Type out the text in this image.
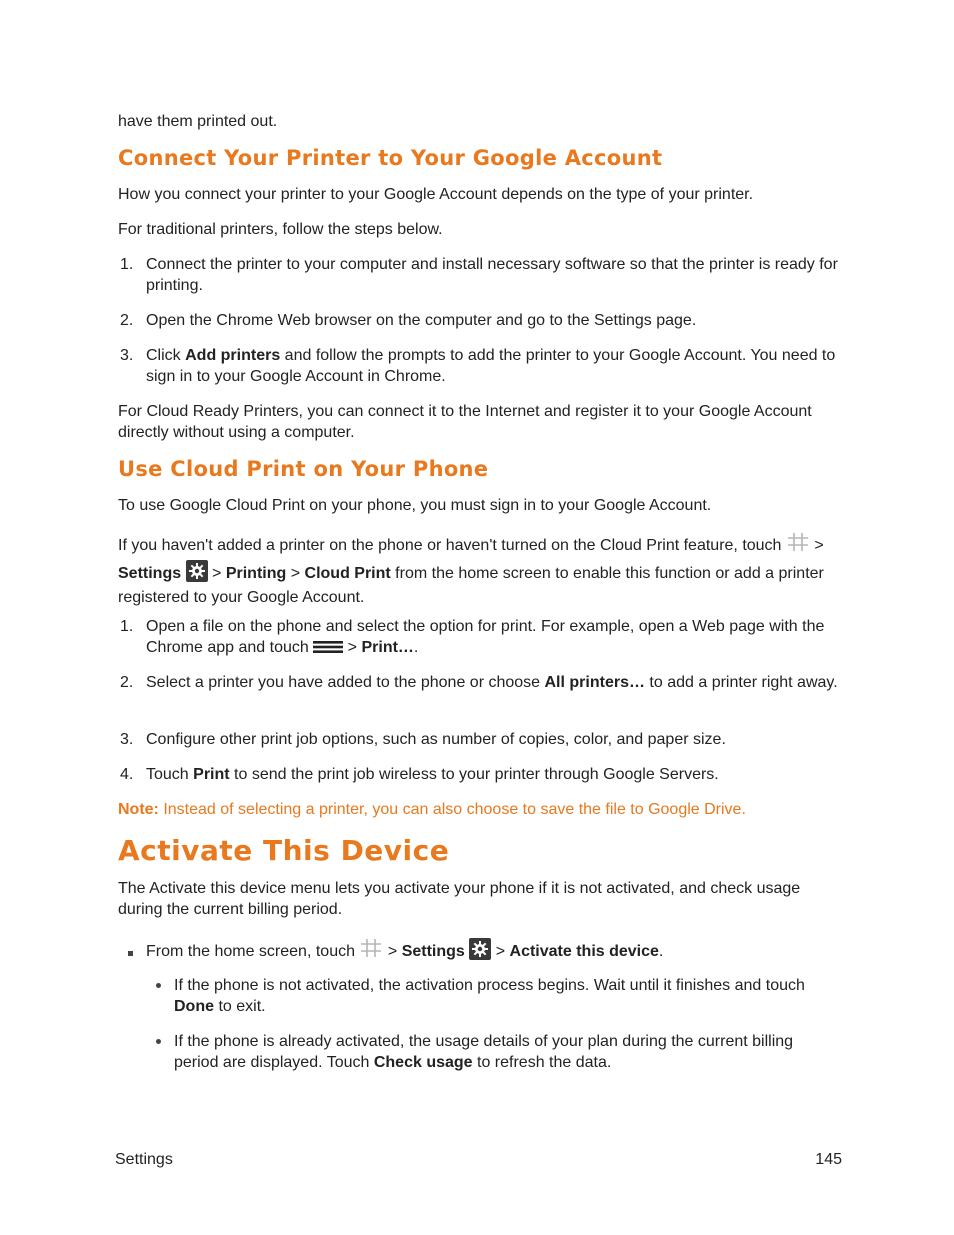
have them printed out.

Connect Your Printer to Your Google Account

How you connect your printer to your Google Account depends on the type of your printer.

For traditional printers, follow the steps below.

1. Connect the printer to your computer and install necessary software so that the printer is ready for printing.
2. Open the Chrome Web browser on the computer and go to the Settings page.
3. Click Add printers and follow the prompts to add the printer to your Google Account. You need to sign in to your Google Account in Chrome.

For Cloud Ready Printers, you can connect it to the Internet and register it to your Google Account directly without using a computer.

Use Cloud Print on Your Phone

To use Google Cloud Print on your phone, you must sign in to your Google Account.

If you haven't added a printer on the phone or haven't turned on the Cloud Print feature, touch  >
Settings > Printing > Cloud Print from the home screen to enable this function or add a printer registered to your Google Account.

1. Open a file on the phone and select the option for print. For example, open a Web page with the Chrome app and touch  > Print….
2. Select a printer you have added to the phone or choose All printers… to add a printer right away.
3. Configure other print job options, such as number of copies, color, and paper size.
4. Touch Print to send the print job wireless to your printer through Google Servers.

Note: Instead of selecting a printer, you can also choose to save the file to Google Drive.

Activate This Device

The Activate this device menu lets you activate your phone if it is not activated, and check usage during the current billing period.

From the home screen, touch  > Settings > Activate this device.
If the phone is not activated, the activation process begins. Wait until it finishes and touch Done to exit.
If the phone is already activated, the usage details of your plan during the current billing period are displayed. Touch Check usage to refresh the data.
Settings	145
